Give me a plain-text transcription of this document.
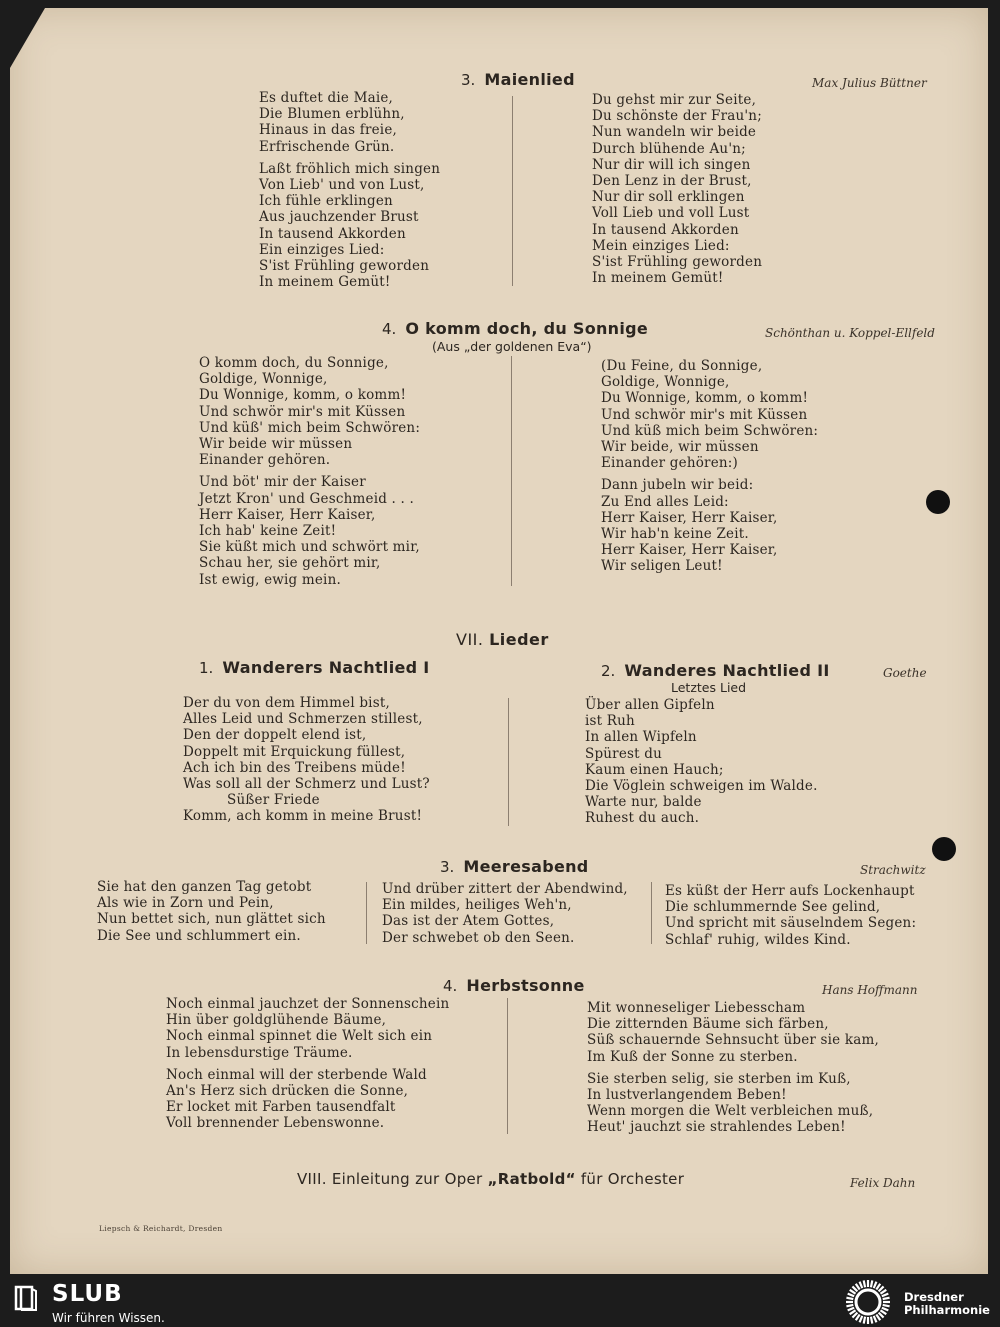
3. Maienlied	Max Julius Büttner
Es duftet die Maie,
Die Blumen erblühn,
Hinaus in das freie,
Erfrischende Grün.
Laßt fröhlich mich singen
Von Lieb' und von Lust,
Ich fühle erklingen
Aus jauchzender Brust
In tausend Akkorden
Ein einziges Lied:
S'ist Frühling geworden
In meinem Gemüt!
Du gehst mir zur Seite,
Du schönste der Frau'n;
Nun wandeln wir beide
Durch blühende Au'n;
Nur dir will ich singen
Den Lenz in der Brust,
Nur dir soll erklingen
Voll Lieb und voll Lust
In tausend Akkorden
Mein einziges Lied:
S'ist Frühling geworden
In meinem Gemüt!
4. O komm doch, du Sonnige	Schönthan u. Koppel-Ellfeld
(Aus „der goldenen Eva“)
O komm doch, du Sonnige,
Goldige, Wonnige,
Du Wonnige, komm, o komm!
Und schwör mir's mit Küssen
Und küß' mich beim Schwören:
Wir beide wir müssen
Einander gehören.
Und böt' mir der Kaiser
Jetzt Kron' und Geschmeid . . .
Herr Kaiser, Herr Kaiser,
Ich hab' keine Zeit!
Sie küßt mich und schwört mir,
Schau her, sie gehört mir,
Ist ewig, ewig mein.
(Du Feine, du Sonnige,
Goldige, Wonnige,
Du Wonnige, komm, o komm!
Und schwör mir's mit Küssen
Und küß mich beim Schwören:
Wir beide, wir müssen
Einander gehören:)
Dann jubeln wir beid:
Zu End alles Leid:
Herr Kaiser, Herr Kaiser,
Wir hab'n keine Zeit.
Herr Kaiser, Herr Kaiser,
Wir seligen Leut!
VII. Lieder
1. Wanderers Nachtlied I
Der du von dem Himmel bist,
Alles Leid und Schmerzen stillest,
Den der doppelt elend ist,
Doppelt mit Erquickung füllest,
Ach ich bin des Treibens müde!
Was soll all der Schmerz und Lust?
Süßer Friede
Komm, ach komm in meine Brust!
2. Wanderes Nachtlied II	Goethe
Letztes Lied
Über allen Gipfeln
ist Ruh
In allen Wipfeln
Spürest du
Kaum einen Hauch;
Die Vöglein schweigen im Walde.
Warte nur, balde
Ruhest du auch.
3. Meeresabend	Strachwitz
Sie hat den ganzen Tag getobt
Als wie in Zorn und Pein,
Nun bettet sich, nun glättet sich
Die See und schlummert ein.
Und drüber zittert der Abendwind,
Ein mildes, heiliges Weh'n,
Das ist der Atem Gottes,
Der schwebet ob den Seen.
Es küßt der Herr aufs Lockenhaupt
Die schlummernde See gelind,
Und spricht mit säuselndem Segen:
Schlaf' ruhig, wildes Kind.
4. Herbstsonne	Hans Hoffmann
Noch einmal jauchzet der Sonnenschein
Hin über goldglühende Bäume,
Noch einmal spinnet die Welt sich ein
In lebensdurstige Träume.
Noch einmal will der sterbende Wald
An's Herz sich drücken die Sonne,
Er locket mit Farben tausendfalt
Voll brennender Lebenswonne.
Mit wonneseliger Liebesscham
Die zitternden Bäume sich färben,
Süß schauernde Sehnsucht über sie kam,
Im Kuß der Sonne zu sterben.
Sie sterben selig, sie sterben im Kuß,
In lustverlangendem Beben!
Wenn morgen die Welt verbleichen muß,
Heut' jauchzt sie strahlendes Leben!
VIII. Einleitung zur Oper „Ratbold“ für Orchester	Felix Dahn
Liepsch & Reichardt, Dresden
SLUB
Wir führen Wissen.
Dresdner
Philharmonie
